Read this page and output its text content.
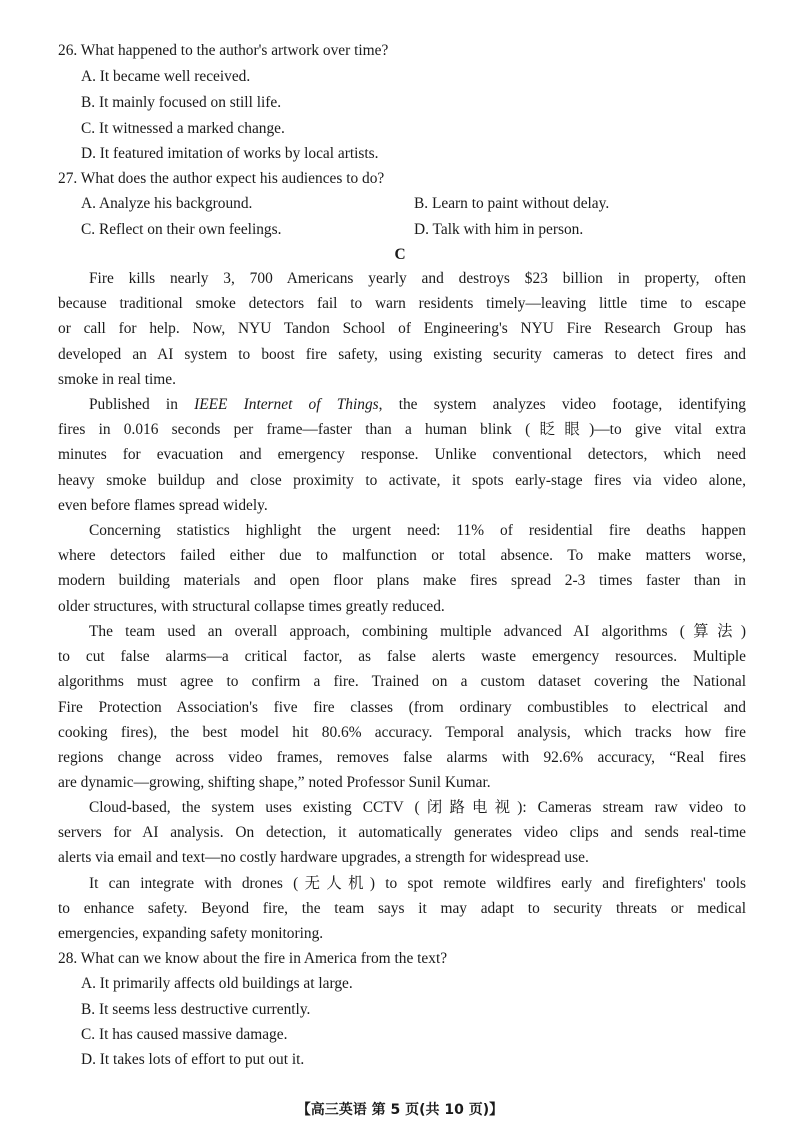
26. What happened to the author's artwork over time?
A. It became well received.
B. It mainly focused on still life.
C. It witnessed a marked change.
D. It featured imitation of works by local artists.
27. What does the author expect his audiences to do?
A. Analyze his background.	B. Learn to paint without delay.
C. Reflect on their own feelings.	D. Talk with him in person.
C
Fire kills nearly 3, 700 Americans yearly and destroys $23 billion in property, often
because traditional smoke detectors fail to warn residents timely—leaving little time to escape
or call for help. Now, NYU Tandon School of Engineering's NYU Fire Research Group has
developed an AI system to boost fire safety, using existing security cameras to detect fires and
smoke in real time.
Published in IEEE Internet of Things, the system analyzes video footage, identifying
fires in 0.016 seconds per frame—faster than a human blink (眨眼)—to give vital extra
minutes for evacuation and emergency response. Unlike conventional detectors, which need
heavy smoke buildup and close proximity to activate, it spots early-stage fires via video alone,
even before flames spread widely.
Concerning statistics highlight the urgent need: 11% of residential fire deaths happen
where detectors failed either due to malfunction or total absence. To make matters worse,
modern building materials and open floor plans make fires spread 2-3 times faster than in
older structures, with structural collapse times greatly reduced.
The team used an overall approach, combining multiple advanced AI algorithms (算法)
to cut false alarms—a critical factor, as false alerts waste emergency resources. Multiple
algorithms must agree to confirm a fire. Trained on a custom dataset covering the National
Fire Protection Association's five fire classes (from ordinary combustibles to electrical and
cooking fires), the best model hit 80.6% accuracy. Temporal analysis, which tracks how fire
regions change across video frames, removes false alarms with 92.6% accuracy, “Real fires
are dynamic—growing, shifting shape,” noted Professor Sunil Kumar.
Cloud-based, the system uses existing CCTV (闭路电视): Cameras stream raw video to
servers for AI analysis. On detection, it automatically generates video clips and sends real-time
alerts via email and text—no costly hardware upgrades, a strength for widespread use.
It can integrate with drones (无人机) to spot remote wildfires early and firefighters' tools
to enhance safety. Beyond fire, the team says it may adapt to security threats or medical
emergencies, expanding safety monitoring.
28. What can we know about the fire in America from the text?
A. It primarily affects old buildings at large.
B. It seems less destructive currently.
C. It has caused massive damage.
D. It takes lots of effort to put out it.
【高三英语 第 5 页(共 10 页)】
